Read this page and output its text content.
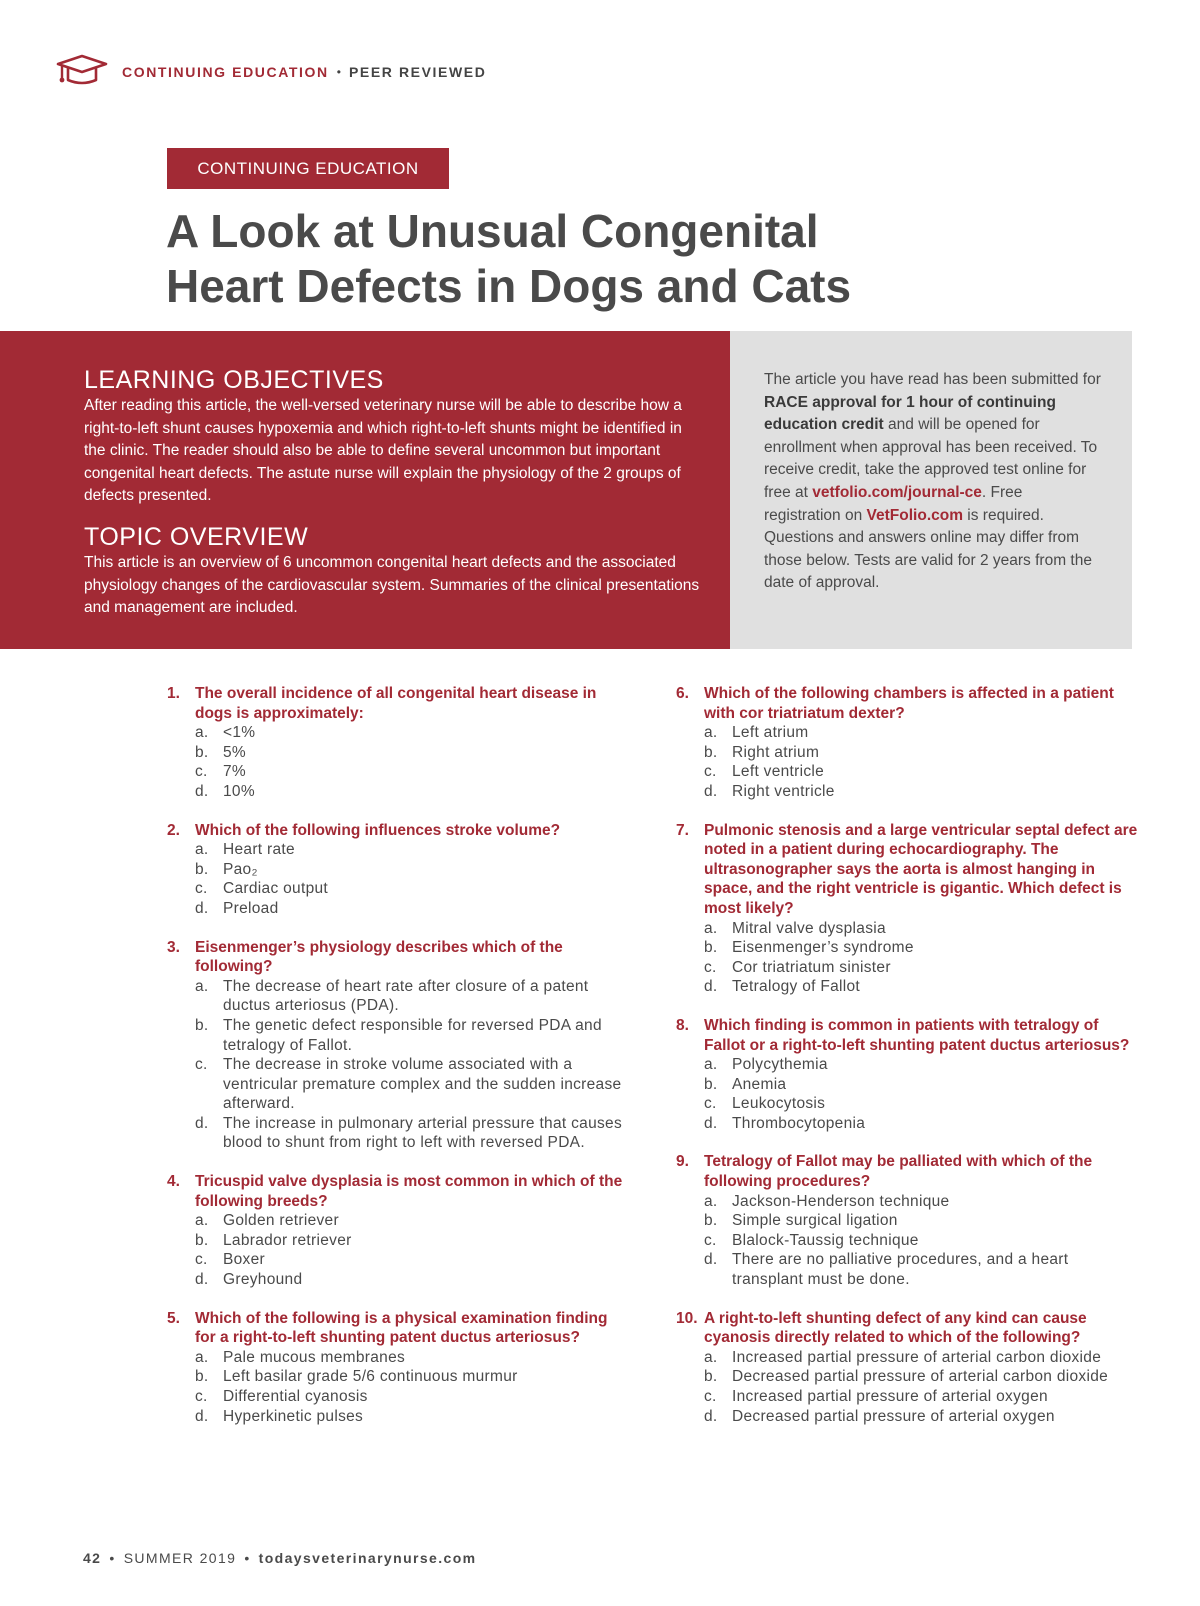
CONTINUING EDUCATION • PEER REVIEWED
CONTINUING EDUCATION
A Look at Unusual Congenital
Heart Defects in Dogs and Cats
LEARNING OBJECTIVES

After reading this article, the well-versed veterinary nurse will be able to describe how a right-to-left shunt causes hypoxemia and which right-to-left shunts might be identified in the clinic. The reader should also be able to define several uncommon but important congenital heart defects. The astute nurse will explain the physiology of the 2 groups of defects presented.

TOPIC OVERVIEW

This article is an overview of 6 uncommon congenital heart defects and the associated physiology changes of the cardiovascular system. Summaries of the clinical presentations and management are included.

The article you have read has been submitted for RACE approval for 1 hour of continuing education credit and will be opened for enrollment when approval has been received. To receive credit, take the approved test online for free at vetfolio.com/journal-ce. Free registration on VetFolio.com is required. Questions and answers online may differ from those below. Tests are valid for 2 years from the date of approval.

1. The overall incidence of all congenital heart disease in dogs is approximately:
a. <1%
b. 5%
c. 7%
d. 10%
2. Which of the following influences stroke volume?
a. Heart rate
b. Pao₂
c. Cardiac output
d. Preload
3. Eisenmenger’s physiology describes which of the following?
a. The decrease of heart rate after closure of a patent ductus arteriosus (PDA).
b. The genetic defect responsible for reversed PDA and tetralogy of Fallot.
c. The decrease in stroke volume associated with a ventricular premature complex and the sudden increase afterward.
d. The increase in pulmonary arterial pressure that causes blood to shunt from right to left with reversed PDA.
4. Tricuspid valve dysplasia is most common in which of the following breeds?
a. Golden retriever
b. Labrador retriever
c. Boxer
d. Greyhound
5. Which of the following is a physical examination finding for a right-to-left shunting patent ductus arteriosus?
a. Pale mucous membranes
b. Left basilar grade 5/6 continuous murmur
c. Differential cyanosis
d. Hyperkinetic pulses
6. Which of the following chambers is affected in a patient with cor triatriatum dexter?
a. Left atrium
b. Right atrium
c. Left ventricle
d. Right ventricle
7. Pulmonic stenosis and a large ventricular septal defect are noted in a patient during echocardiography. The ultrasonographer says the aorta is almost hanging in space, and the right ventricle is gigantic. Which defect is most likely?
a. Mitral valve dysplasia
b. Eisenmenger’s syndrome
c. Cor triatriatum sinister
d. Tetralogy of Fallot
8. Which finding is common in patients with tetralogy of Fallot or a right-to-left shunting patent ductus arteriosus?
a. Polycythemia
b. Anemia
c. Leukocytosis
d. Thrombocytopenia
9. Tetralogy of Fallot may be palliated with which of the following procedures?
a. Jackson-Henderson technique
b. Simple surgical ligation
c. Blalock-Taussig technique
d. There are no palliative procedures, and a heart transplant must be done.
10. A right-to-left shunting defect of any kind can cause cyanosis directly related to which of the following?
a. Increased partial pressure of arterial carbon dioxide
b. Decreased partial pressure of arterial carbon dioxide
c. Increased partial pressure of arterial oxygen
d. Decreased partial pressure of arterial oxygen
42 • SUMMER 2019 • todaysveterinarynurse.com
